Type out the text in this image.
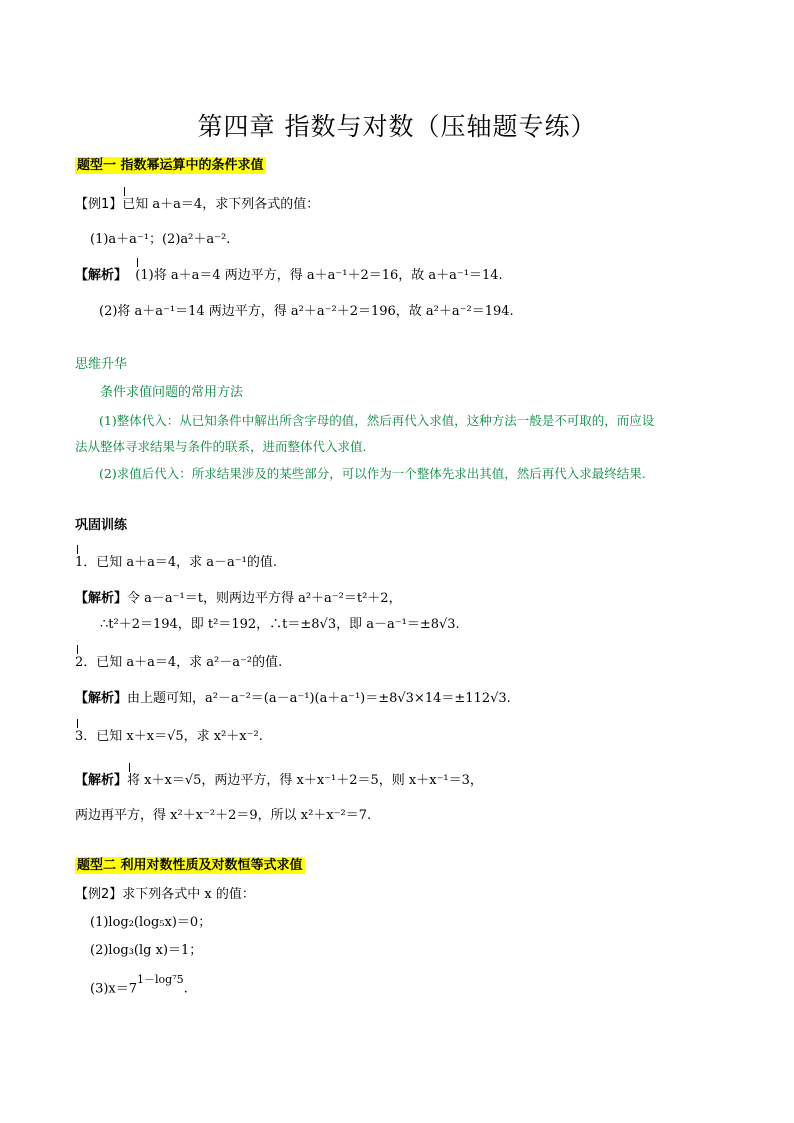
第四章 指数与对数（压轴题专练）
题型一 指数幂运算中的条件求值
【例1】已知 a＋a＝4，求下列各式的值：
(1)a＋a⁻¹；(2)a²＋a⁻².
【解析】 (1)将 a＋a＝4 两边平方，得 a＋a⁻¹＋2＝16，故 a＋a⁻¹＝14.
(2)将 a＋a⁻¹＝14 两边平方，得 a²＋a⁻²＋2＝196，故 a²＋a⁻²＝194.
思维升华
条件求值问题的常用方法
(1)整体代入：从已知条件中解出所含字母的值，然后再代入求值，这种方法一般是不可取的，而应设
法从整体寻求结果与条件的联系，进而整体代入求值.
(2)求值后代入：所求结果涉及的某些部分，可以作为一个整体先求出其值，然后再代入求最终结果.
巩固训练
1．已知 a＋a＝4，求 a－a⁻¹的值.
【解析】令 a－a⁻¹＝t，则两边平方得 a²＋a⁻²＝t²＋2，
∴t²＋2＝194，即 t²＝192，∴t＝±8√3，即 a－a⁻¹＝±8√3.
2．已知 a＋a＝4，求 a²－a⁻²的值.
【解析】由上题可知，a²－a⁻²＝(a－a⁻¹)(a＋a⁻¹)＝±8√3×14＝±112√3.
3．已知 x＋x＝√5，求 x²＋x⁻².
【解析】将 x＋x＝√5，两边平方，得 x＋x⁻¹＋2＝5，则 x＋x⁻¹＝3，
两边再平方，得 x²＋x⁻²＋2＝9，所以 x²＋x⁻²＝7.
题型二 利用对数性质及对数恒等式求值
【例2】求下列各式中 x 的值：
(1)log₂(log₅x)＝0；
(2)log₃(lg x)＝1；
$(3)x=7^{1-log^75}$.
